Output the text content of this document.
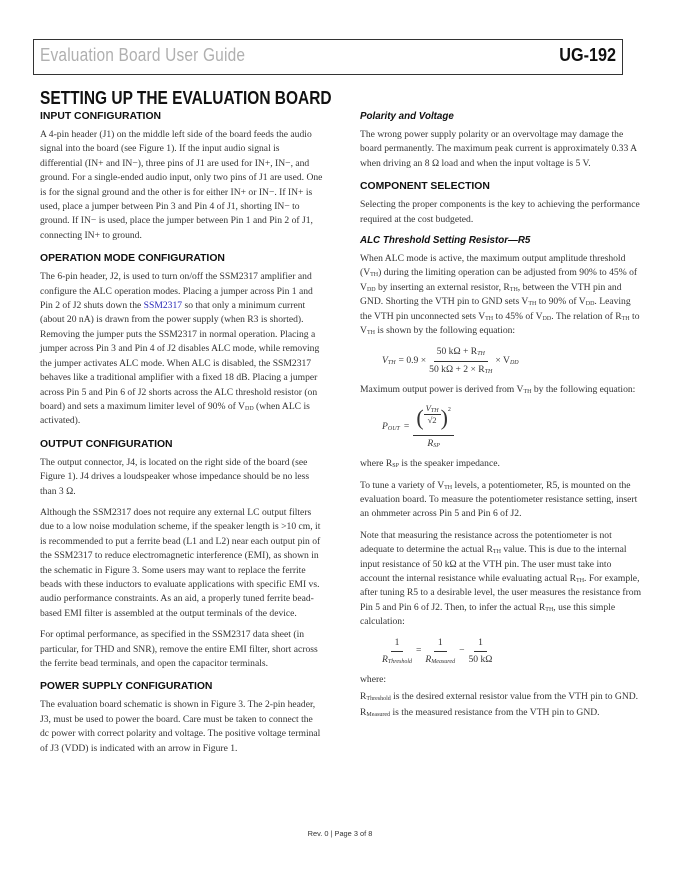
Evaluation Board User Guide	UG-192
SETTING UP THE EVALUATION BOARD
INPUT CONFIGURATION

A 4-pin header (J1) on the middle left side of the board feeds the audio signal into the board (see Figure 1). If the input audio signal is differential (IN+ and IN−), three pins of J1 are used for IN+, IN−, and ground. For a single-ended audio input, only two pins of J1 are used. One is for the signal ground and the other is for either IN+ or IN−. If IN+ is used, place a jumper between Pin 3 and Pin 4 of J1, shorting IN− to ground. If IN− is used, place the jumper between Pin 1 and Pin 2 of J1, connecting IN+ to ground.

OPERATION MODE CONFIGURATION

The 6-pin header, J2, is used to turn on/off the SSM2317 amplifier and configure the ALC operation modes. Placing a jumper across Pin 1 and Pin 2 of J2 shuts down the SSM2317 so that only a minimum current (about 20 nA) is drawn from the power supply (when R3 is shorted). Removing the jumper puts the SSM2317 in normal operation. Placing a jumper across Pin 3 and Pin 4 of J2 disables ALC mode, while removing the jumper activates ALC mode. When ALC is disabled, the SSM2317 behaves like a traditional amplifier with a fixed 18 dB. Placing a jumper across Pin 5 and Pin 6 of J2 shorts across the ALC threshold resistor (on board) and sets a maximum limiter level of 90% of $V_{DD}$ (when ALC is activated).

OUTPUT CONFIGURATION

The output connector, J4, is located on the right side of the board (see Figure 1). J4 drives a loudspeaker whose impedance should be no less than 3 Ω.

Although the SSM2317 does not require any external LC output filters due to a low noise modulation scheme, if the speaker length is >10 cm, it is recommended to put a ferrite bead (L1 and L2) near each output pin of the SSM2317 to reduce electromagnetic interference (EMI), as shown in the schematic in Figure 3. Some users may want to replace the ferrite beads with these inductors to evaluate applications with specific EMI vs. audio performance constraints. As an aid, a properly tuned ferrite bead-based EMI filter is assembled at the output terminals of the device.

For optimal performance, as specified in the SSM2317 data sheet (in particular, for THD and SNR), remove the entire EMI filter, short across the ferrite bead terminals, and open the capacitor terminals.

POWER SUPPLY CONFIGURATION

The evaluation board schematic is shown in Figure 3. The 2-pin header, J3, must be used to power the board. Care must be taken to connect the dc power with correct polarity and voltage. The positive voltage terminal of J3 (VDD) is indicated with an arrow in Figure 1.

Polarity and Voltage

The wrong power supply polarity or an overvoltage may damage the board permanently. The maximum peak current is approximately 0.33 A when driving an 8 Ω load and when the input voltage is 5 V.

COMPONENT SELECTION

Selecting the proper components is the key to achieving the performance required at the cost budgeted.

ALC Threshold Setting Resistor—R5

When ALC mode is active, the maximum output amplitude threshold $(V_{TH})$ during the limiting operation can be adjusted from 90% to 45% of $V_{DD}$ by inserting an external resistor, $R_{TH}$, between the VTH pin and GND. Shorting the VTH pin to GND sets $V_{TH}$ to 90% of $V_{DD}$. Leaving the VTH pin unconnected sets $V_{TH}$ to 45% of $V_{DD}$. The relation of $R_{TH}$ to $V_{TH}$ is shown by the following equation:

$V_{TH} = 0.9$ ×
50 $k\Omega + R_{TH}$
50 $k\Omega + 2 \times R_{TH}$
× $V_{DD}$

Maximum output power is derived from $V_{TH}$ by the following equation:

$P_{OUT}$ = ( $V_{TH}$
√2 )$^2$
$R_{SP}$

where $R_{SP}$ is the speaker impedance.

To tune a variety of $V_{TH}$ levels, a potentiometer, R5, is mounted on the evaluation board. To measure the potentiometer resistance setting, insert an ohmmeter across Pin 5 and Pin 6 of J2.

Note that measuring the resistance across the potentiometer is not adequate to determine the actual $R_{TH}$ value. This is due to the internal input resistance of 50 kΩ at the VTH pin. The user must take into account the internal resistance while evaluating actual $R_{TH}$. For example, after tuning R5 to a desirable level, the user measures the resistance from Pin 5 and Pin 6 of J2. Then, to infer the actual $R_{TH}$, use this simple calculation:

1
$R_{Threshold}$
=
1
$R_{Measured}$
− $\frac{1}{50 k\Omega}$

where:

$R_{Threshold}$ is the desired external resistor value from the VTH pin to GND.

$R_{Measured}$ is the measured resistance from the VTH pin to GND.

Rev. 0 | Page 3 of 8
